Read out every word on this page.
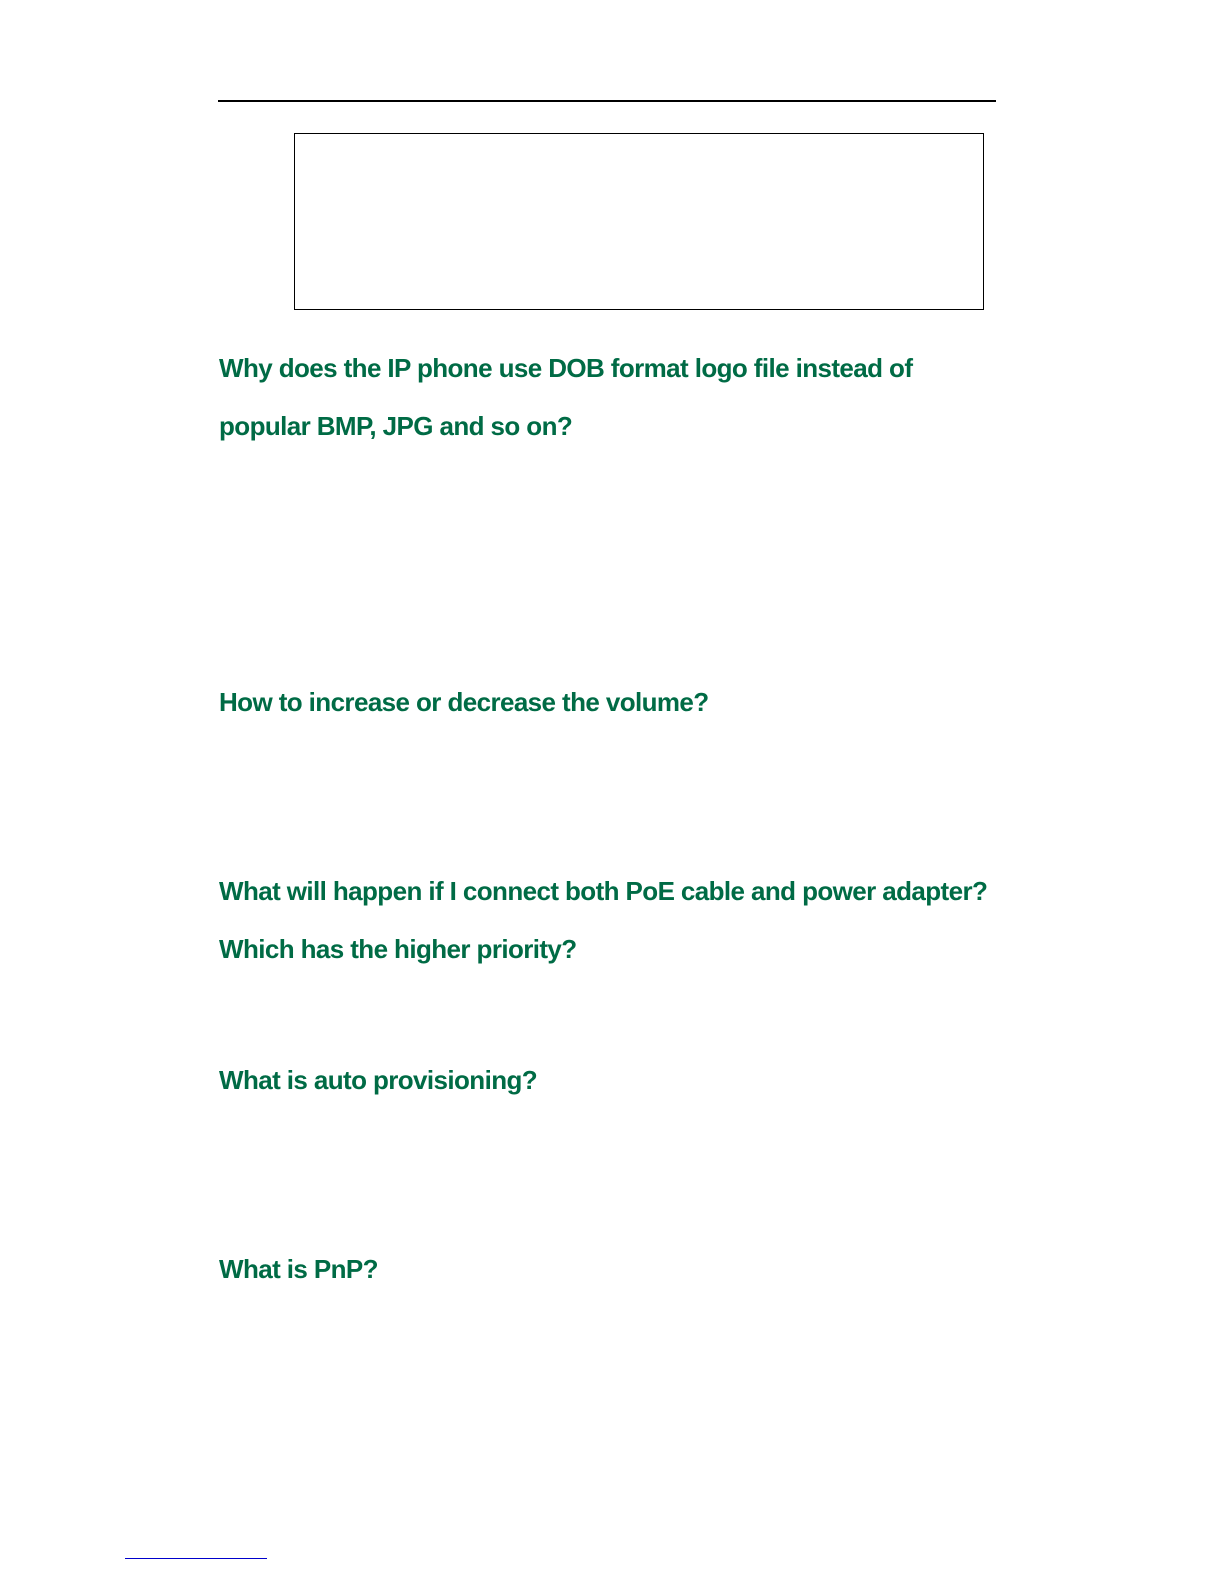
Why does the IP phone use DOB format logo file instead of
popular BMP, JPG and so on?
How to increase or decrease the volume?
What will happen if I connect both PoE cable and power adapter?
Which has the higher priority?
What is auto provisioning?
What is PnP?
